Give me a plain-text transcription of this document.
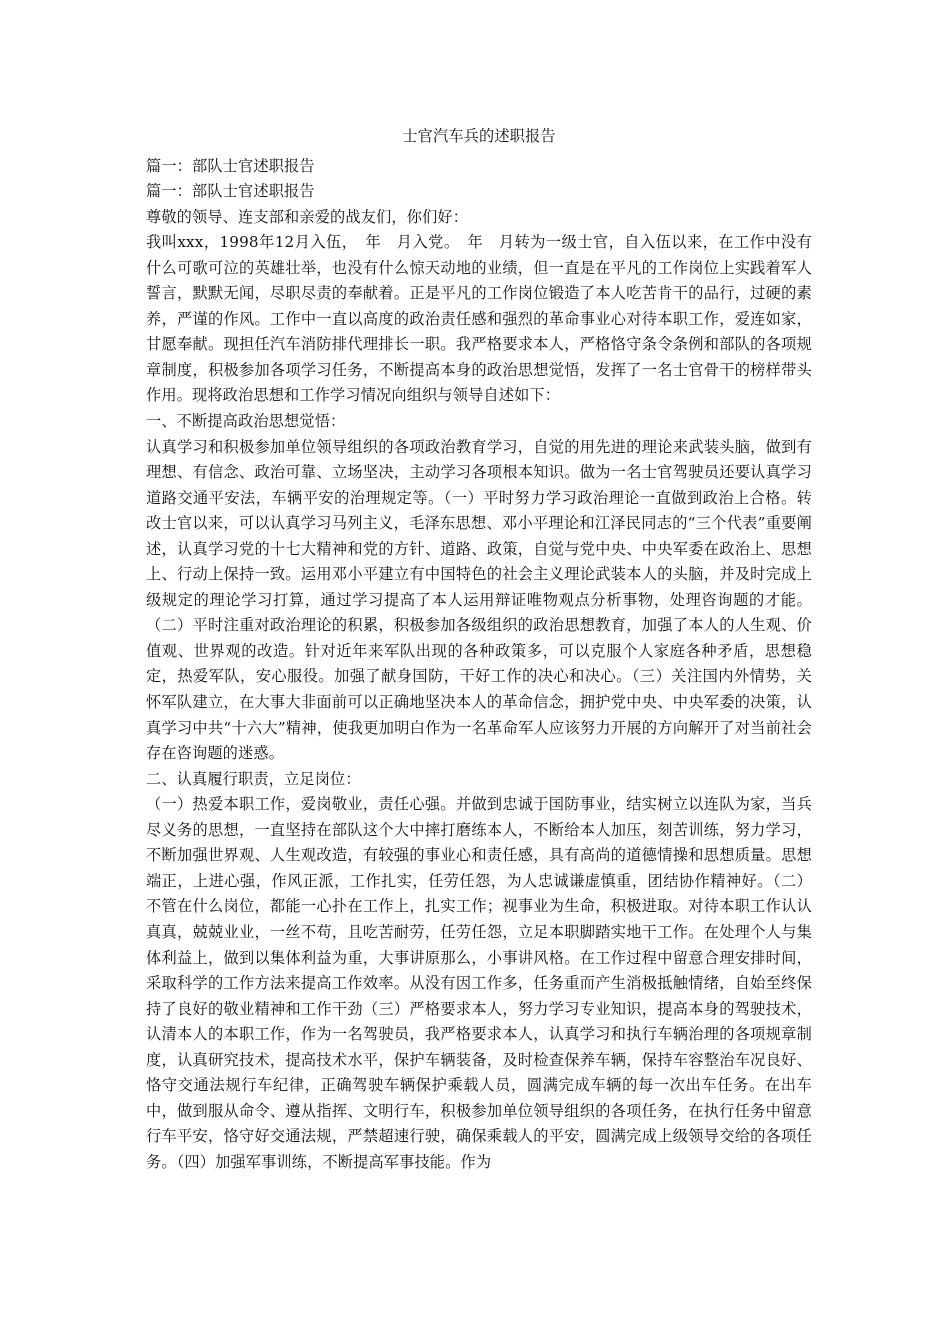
士官汽车兵的述职报告
篇一：部队士官述职报告
篇一：部队士官述职报告
尊敬的领导、连支部和亲爱的战友们，你们好：
我叫xxx，1998年12月入伍，　年　月入党。　年　月转为一级士官，自入伍以来，在工作中没有什么可歌可泣的英雄壮举，也没有什么惊天动地的业绩，但一直是在平凡的工作岗位上实践着军人誓言，默默无闻，尽职尽责的奉献着。正是平凡的工作岗位锻造了本人吃苦肯干的品行，过硬的素养，严谨的作风。工作中一直以高度的政治责任感和强烈的革命事业心对待本职工作，爱连如家，甘愿奉献。现担任汽车消防排代理排长一职。我严格要求本人，严格恪守条令条例和部队的各项规章制度，积极参加各项学习任务，不断提高本身的政治思想觉悟，发挥了一名士官骨干的榜样带头作用。现将政治思想和工作学习情况向组织与领导自述如下：
一、不断提高政治思想觉悟：
认真学习和积极参加单位领导组织的各项政治教育学习，自觉的用先进的理论来武装头脑，做到有理想、有信念、政治可靠、立场坚决，主动学习各项根本知识。做为一名士官驾驶员还要认真学习道路交通平安法，车辆平安的治理规定等。（一）平时努力学习政治理论一直做到政治上合格。转改士官以来，可以认真学习马列主义，毛泽东思想、邓小平理论和江泽民同志的“三个代表”重要阐述，认真学习党的十七大精神和党的方针、道路、政策，自觉与党中央、中央军委在政治上、思想上、行动上保持一致。运用邓小平建立有中国特色的社会主义理论武装本人的头脑，并及时完成上级规定的理论学习打算，通过学习提高了本人运用辩证唯物观点分析事物，处理咨询题的才能。（二）平时注重对政治理论的积累，积极参加各级组织的政治思想教育，加强了本人的人生观、价值观、世界观的改造。针对近年来军队出现的各种政策多，可以克服个人家庭各种矛盾，思想稳定，热爱军队，安心服役。加强了献身国防，干好工作的决心和决心。（三）关注国内外情势，关怀军队建立，在大事大非面前可以正确地坚决本人的革命信念，拥护党中央、中央军委的决策，认真学习中共“十六大”精神，使我更加明白作为一名革命军人应该努力开展的方向解开了对当前社会存在咨询题的迷惑。
二、认真履行职责，立足岗位：
（一）热爱本职工作，爱岗敬业，责任心强。并做到忠诚于国防事业，结实树立以连队为家，当兵尽义务的思想，一直坚持在部队这个大中摔打磨练本人，不断给本人加压，刻苦训练，努力学习，不断加强世界观、人生观改造，有较强的事业心和责任感，具有高尚的道德情操和思想质量。思想端正，上进心强，作风正派，工作扎实，任劳任怨，为人忠诚谦虚慎重，团结协作精神好。（二）不管在什么岗位，都能一心扑在工作上，扎实工作；视事业为生命，积极进取。对待本职工作认认真真，兢兢业业，一丝不苟，且吃苦耐劳，任劳任怨，立足本职脚踏实地干工作。在处理个人与集体利益上，做到以集体利益为重，大事讲原那么，小事讲风格。在工作过程中留意合理安排时间，采取科学的工作方法来提高工作效率。从没有因工作多，任务重而产生消极抵触情绪，自始至终保持了良好的敬业精神和工作干劲（三）严格要求本人，努力学习专业知识，提高本身的驾驶技术，认清本人的本职工作，作为一名驾驶员，我严格要求本人，认真学习和执行车辆治理的各项规章制度，认真研究技术，提高技术水平，保护车辆装备，及时检查保养车辆，保持车容整治车况良好、恪守交通法规行车纪律，正确驾驶车辆保护乘载人员，圆满完成车辆的每一次出车任务。在出车中，做到服从命令、遵从指挥、文明行车，积极参加单位领导组织的各项任务，在执行任务中留意行车平安，恪守好交通法规，严禁超速行驶，确保乘载人的平安，圆满完成上级领导交给的各项任务。（四）加强军事训练，不断提高军事技能。作为
